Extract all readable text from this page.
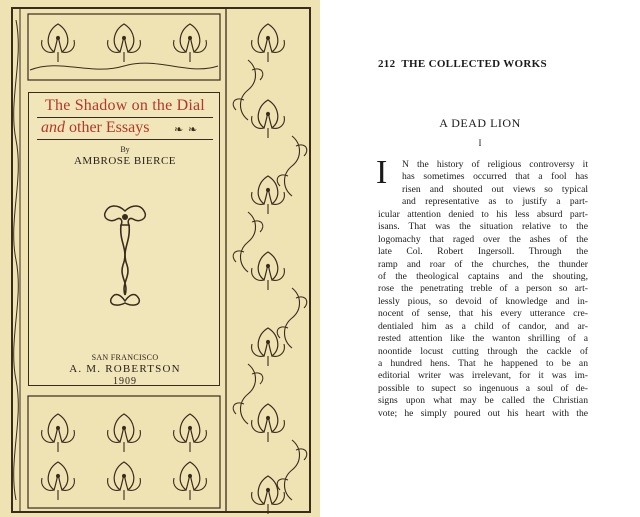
The Shadow on the Dial
and other Essays ❧ ❧
By
AMBROSE BIERCE
SAN FRANCISCO
A. M. ROBERTSON
1909
212 THE COLLECTED WORKS
A DEAD LION
I
I	N the history of religious controversy it
has sometimes occurred that a fool has
risen and shouted out views so typical
and representative as to justify a part-
icular attention denied to his less absurd part-
isans. That was the situation relative to the
logomachy that raged over the ashes of the
late Col. Robert Ingersoll. Through the
ramp and roar of the churches, the thunder
of the theological captains and the shouting,
rose the penetrating treble of a person so art-
lessly pious, so devoid of knowledge and in-
nocent of sense, that his every utterance cre-
dentialed him as a child of candor, and ar-
rested attention like the wanton shrilling of a
noontide locust cutting through the cackle of
a hundred hens. That he happened to be an
editorial writer was irrelevant, for it was im-
possible to supect so ingenuous a soul of de-
signs upon what may be called the Christian
vote; he simply poured out his heart with the
